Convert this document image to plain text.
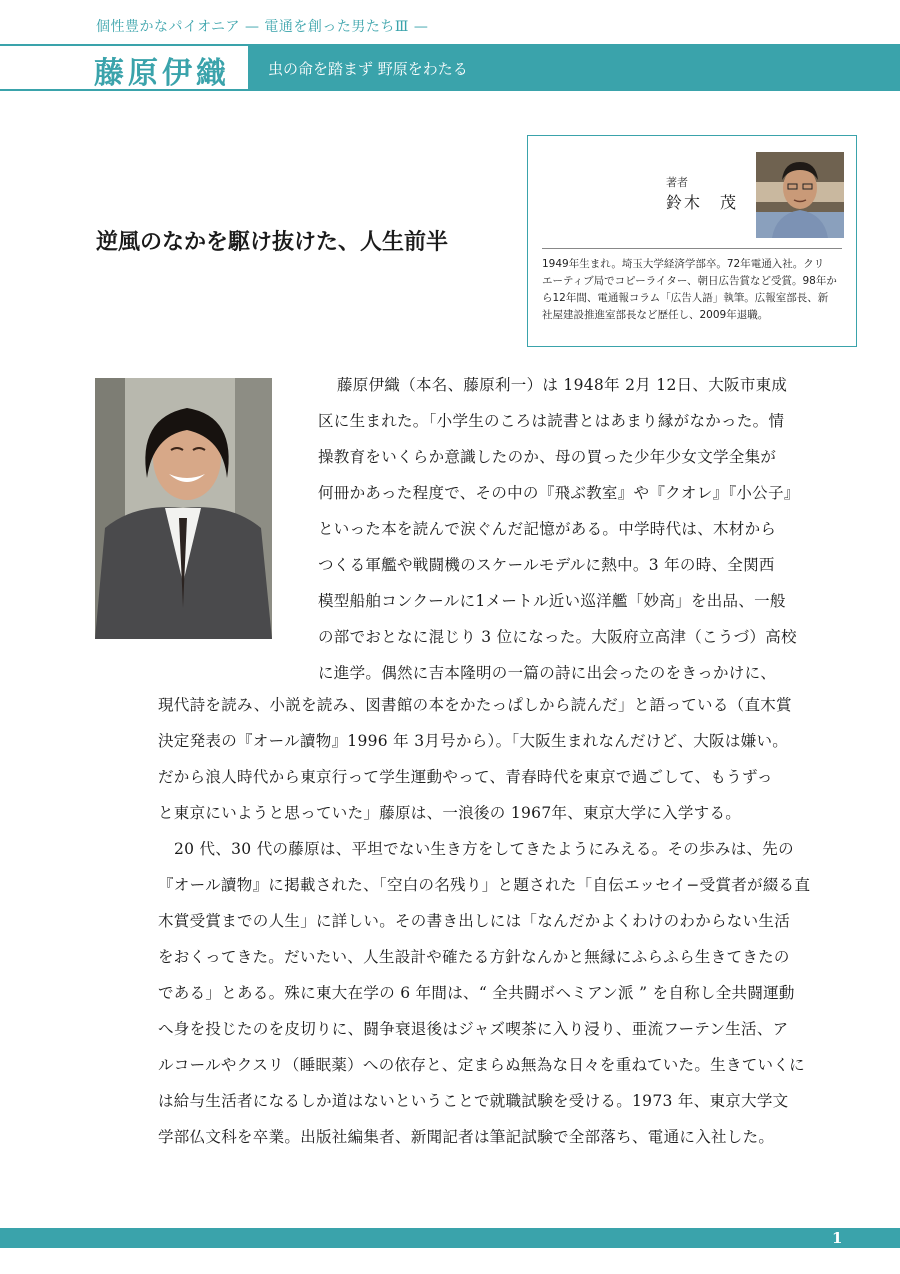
個性豊かなパイオニア — 電通を創った男たちⅢ —
藤原伊織	虫の命を踏まず 野原をわたる
逆風のなかを駆け抜けた、人生前半
著者
鈴木　茂
1949年生まれ。埼玉大学経済学部卒。72年電通入社。クリ
エーティブ局でコピーライター、朝日広告賞など受賞。98年か
ら12年間、電通報コラム「広告人語」執筆。広報室部長、新
社屋建設推進室部長など歴任し、2009年退職。
藤原伊織（本名、藤原利一）は 1948年 2月 12日、大阪市東成
区に生まれた。「小学生のころは読書とはあまり縁がなかった。情
操教育をいくらか意識したのか、母の買った少年少女文学全集が
何冊かあった程度で、その中の『飛ぶ教室』や『クオレ』『小公子』
といった本を読んで涙ぐんだ記憶がある。中学時代は、木材から
つくる軍艦や戦闘機のスケールモデルに熱中。3 年の時、全関西
模型船舶コンクールに1メートル近い巡洋艦「妙高」を出品、一般
の部でおとなに混じり 3 位になった。大阪府立高津（こうづ）高校
に進学。偶然に吉本隆明の一篇の詩に出会ったのをきっかけに、
現代詩を読み、小説を読み、図書館の本をかたっぱしから読んだ」と語っている（直木賞
決定発表の『オール讀物』1996 年 3月号から）。「大阪生まれなんだけど、大阪は嫌い。
だから浪人時代から東京行って学生運動やって、青春時代を東京で過ごして、もうずっ
と東京にいようと思っていた」藤原は、一浪後の 1967年、東京大学に入学する。
20 代、30 代の藤原は、平坦でない生き方をしてきたようにみえる。その歩みは、先の
『オール讀物』に掲載された、「空白の名残り」と題された「自伝エッセイ−受賞者が綴る直
木賞受賞までの人生」に詳しい。その書き出しには「なんだかよくわけのわからない生活
をおくってきた。だいたい、人生設計や確たる方針なんかと無縁にふらふら生きてきたの
である」とある。殊に東大在学の 6 年間は、“ 全共闘ボヘミアン派 ” を自称し全共闘運動
へ身を投じたのを皮切りに、闘争衰退後はジャズ喫茶に入り浸り、亜流フーテン生活、ア
ルコールやクスリ（睡眠薬）への依存と、定まらぬ無為な日々を重ねていた。生きていくに
は給与生活者になるしか道はないということで就職試験を受ける。1973 年、東京大学文
学部仏文科を卒業。出版社編集者、新聞記者は筆記試験で全部落ち、電通に入社した。
1
